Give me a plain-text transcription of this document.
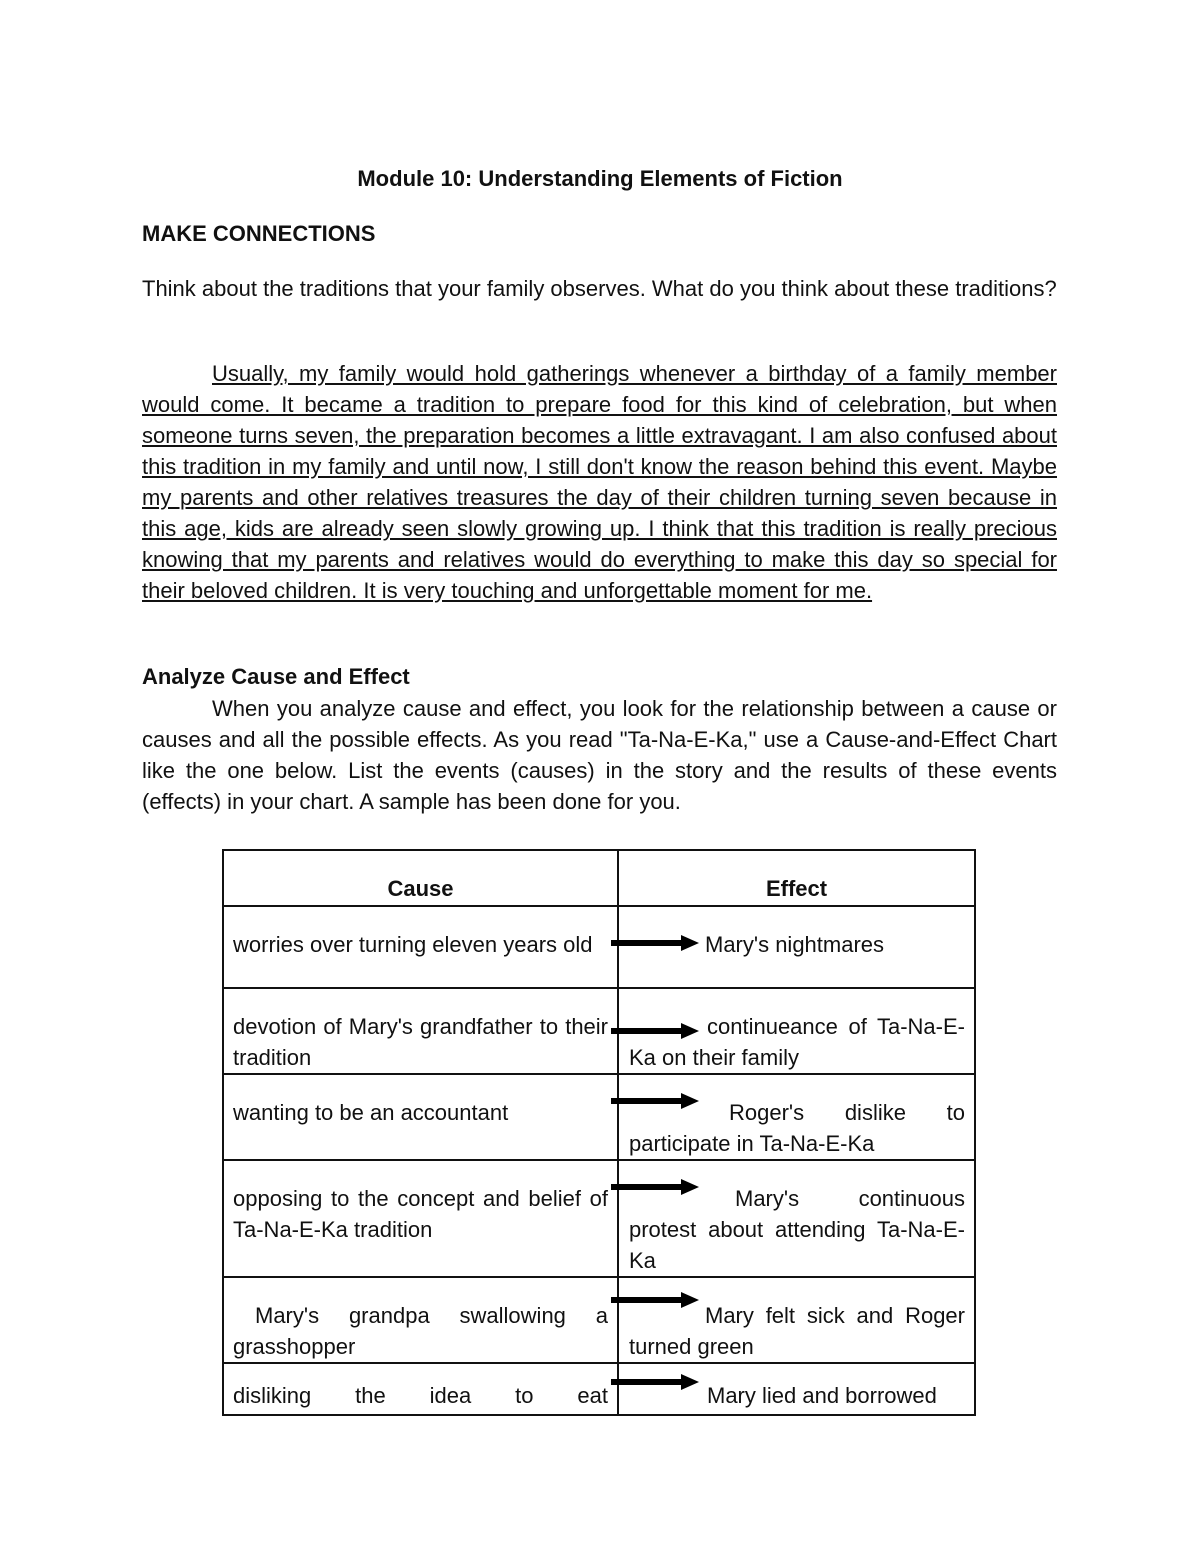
Module 10: Understanding Elements of Fiction
MAKE CONNECTIONS
Think about the traditions that your family observes. What do you think about these traditions?
Usually, my family would hold gatherings whenever a birthday of a family member would come. It became a tradition to prepare food for this kind of celebration, but when someone turns seven, the preparation becomes a little extravagant. I am also confused about this tradition in my family and until now, I still don't know the reason behind this event. Maybe my parents and other relatives treasures the day of their children turning seven because in this age, kids are already seen slowly growing up. I think that this tradition is really precious knowing that my parents and relatives would do everything to make this day so special for their beloved children. It is very touching and unforgettable moment for me.
Analyze Cause and Effect
When you analyze cause and effect, you look for the relationship between a cause or causes and all the possible effects. As you read "Ta-Na-E-Ka," use a Cause-and-Effect Chart like the one below. List the events (causes) in the story and the results of these events (effects) in your chart. A sample has been done for you.
Cause	Effect

worries over turning eleven years old	Mary's nightmares

devotion of Mary's grandfather to their tradition	continueance of Ta-Na-E-Ka on their family

wanting to be an accountant	Roger's dislike to participate in Ta-Na-E-Ka

opposing to the concept and belief of Ta-Na-E-Ka tradition	Mary's continuous protest about attending Ta-Na-E-Ka

Mary's grandpa swallowing a grasshopper	Mary felt sick and Roger turned green

disliking the idea to eat	Mary lied and borrowed
